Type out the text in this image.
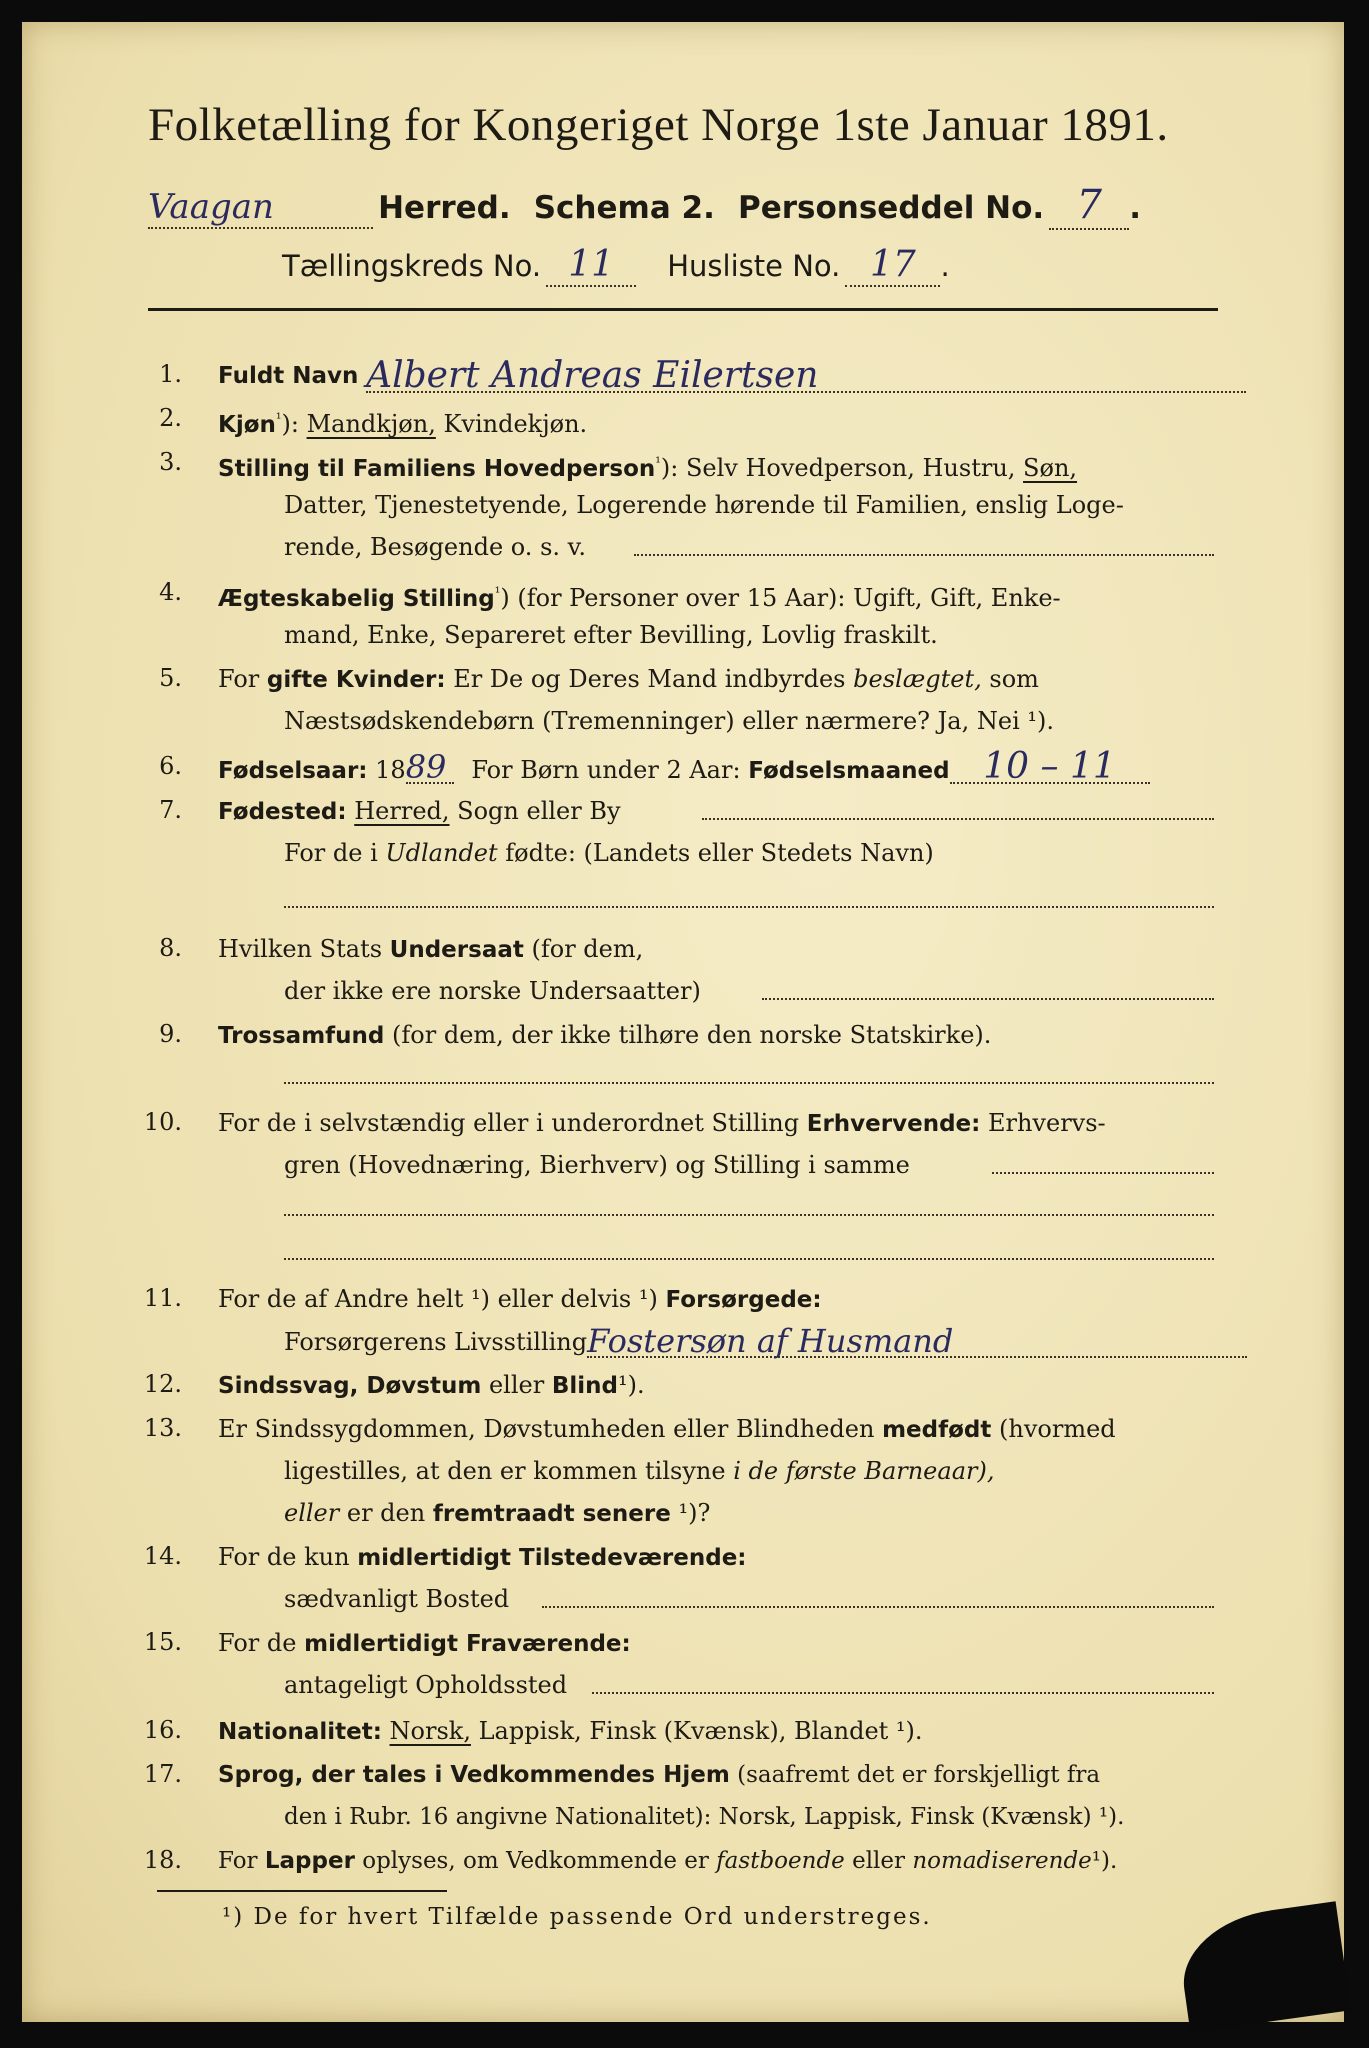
Folketælling for Kongeriget Norge 1ste Januar 1891.
Vaagan	Herred. Schema 2. Personseddel No. 7 .
Tællingskreds No. 11 Husliste No. 17 .
1. Fuldt Navn Albert Andreas Eilertsen
2. Kjøn$^{^1}$): Mandkjøn, Kvindekjøn.
3. Stilling til Familiens Hovedperson$^{^1}$): Selv Hovedperson, Hustru, Søn,
Datter, Tjenestetyende, Logerende hørende til Familien, enslig Loge-
rende, Besøgende o. s. v.
4. Ægteskabelig Stilling$^{^1}$) (for Personer over 15 Aar): Ugift, Gift, Enke-
mand, Enke, Separeret efter Bevilling, Lovlig fraskilt.
5. For gifte Kvinder: Er De og Deres Mand indbyrdes beslægtet, som
Næstsødskendebørn (Tremenninger) eller nærmere? Ja, Nei ¹).
6. Fødselsaar: 1889 For Børn under 2 Aar: Fødselsmaaned 10 – 11
7. Fødested: Herred, Sogn eller By
For de i Udlandet fødte: (Landets eller Stedets Navn)
8. Hvilken Stats Undersaat (for dem,
der ikke ere norske Undersaatter)
9. Trossamfund (for dem, der ikke tilhøre den norske Statskirke).
10. For de i selvstændig eller i underordnet Stilling Erhvervende: Erhvervs-
gren (Hovednæring, Bierhverv) og Stilling i samme
11. For de af Andre helt ¹) eller delvis ¹) Forsørgede:
Forsørgerens LivsstillingFostersøn af Husmand
12. Sindssvag, Døvstum eller Blind¹).
13. Er Sindssygdommen, Døvstumheden eller Blindheden medfødt (hvormed
ligestilles, at den er kommen tilsyne i de første Barneaar),
eller er den fremtraadt senere ¹)?
14. For de kun midlertidigt Tilstedeværende:
sædvanligt Bosted
15. For de midlertidigt Fraværende:
antageligt Opholdssted
16. Nationalitet: Norsk, Lappisk, Finsk (Kvænsk), Blandet ¹).
17. Sprog, der tales i Vedkommendes Hjem (saafremt det er forskjelligt fra
den i Rubr. 16 angivne Nationalitet): Norsk, Lappisk, Finsk (Kvænsk) ¹).
18. For Lapper oplyses, om Vedkommende er fastboende eller nomadiserende¹).
¹) De for hvert Tilfælde passende Ord understreges.
